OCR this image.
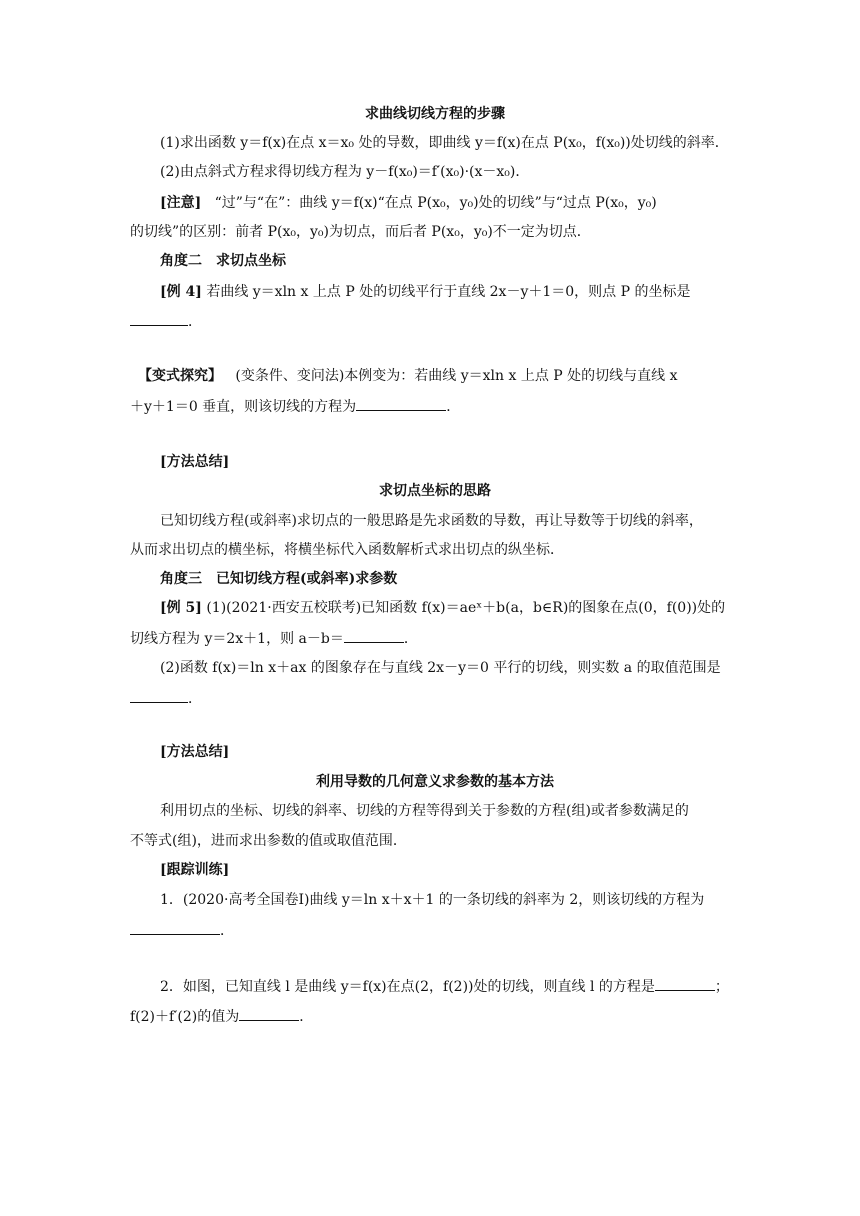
求曲线切线方程的步骤
(1)求出函数 y＝f(x)在点 x＝x₀ 处的导数，即曲线 y＝f(x)在点 P(x₀，f(x₀))处切线的斜率．
(2)由点斜式方程求得切线方程为 y－f(x₀)＝f′(x₀)·(x－x₀)．
[注意] “过”与“在”：曲线 y＝f(x)“在点 P(x₀，y₀)处的切线”与“过点 P(x₀，y₀)
的切线”的区别：前者 P(x₀，y₀)为切点，而后者 P(x₀，y₀)不一定为切点．
角度二　求切点坐标
[例 4] 若曲线 y＝xln x 上点 P 处的切线平行于直线 2x－y＋1＝0，则点 P 的坐标是
．
【变式探究】 (变条件、变问法)本例变为：若曲线 y＝xln x 上点 P 处的切线与直线 x
＋y＋1＝0 垂直，则该切线的方程为	．
[方法总结]
求切点坐标的思路
已知切线方程(或斜率)求切点的一般思路是先求函数的导数，再让导数等于切线的斜率，
从而求出切点的横坐标，将横坐标代入函数解析式求出切点的纵坐标．
角度三　已知切线方程(或斜率)求参数
[例 5] (1)(2021·西安五校联考)已知函数 f(x)＝aeˣ＋b(a，b∈R)的图象在点(0，f(0))处的
切线方程为 y＝2x＋1，则 a－b＝	．
(2)函数 f(x)＝ln x＋ax 的图象存在与直线 2x－y＝0 平行的切线，则实数 a 的取值范围是
．
[方法总结]
利用导数的几何意义求参数的基本方法
利用切点的坐标、切线的斜率、切线的方程等得到关于参数的方程(组)或者参数满足的
不等式(组)，进而求出参数的值或取值范围．
[跟踪训练]
1．(2020·高考全国卷Ⅰ)曲线 y＝ln x＋x＋1 的一条切线的斜率为 2，则该切线的方程为
．
2．如图，已知直线 l 是曲线 y＝f(x)在点(2，f(2))处的切线，则直线 l 的方程是	；
f(2)＋f′(2)的值为	．
